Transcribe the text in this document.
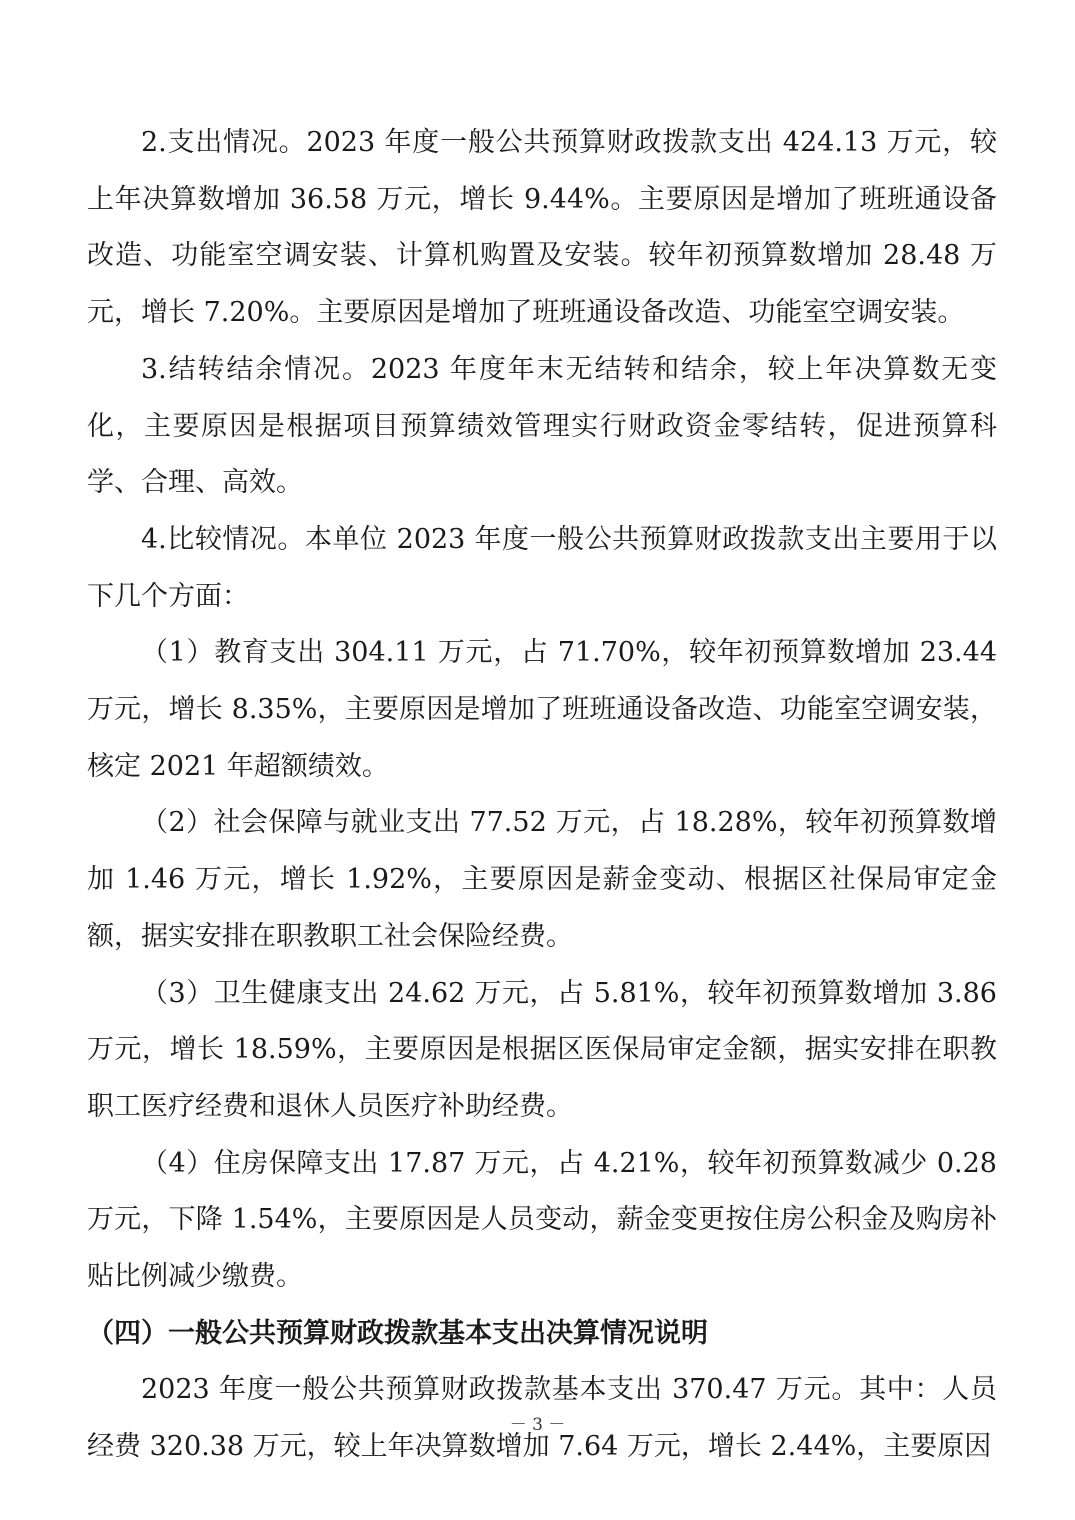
2.支出情况。2023 年度一般公共预算财政拨款支出 424.13 万元，较上年决算数增加 36.58 万元，增长 9.44%。主要原因是增加了班班通设备改造、功能室空调安装、计算机购置及安装。较年初预算数增加 28.48 万元，增长 7.20%。主要原因是增加了班班通设备改造、功能室空调安装。

3.结转结余情况。2023 年度年末无结转和结余，较上年决算数无变化，主要原因是根据项目预算绩效管理实行财政资金零结转，促进预算科学、合理、高效。

4.比较情况。本单位 2023 年度一般公共预算财政拨款支出主要用于以下几个方面：

（1）教育支出 304.11 万元，占 71.70%，较年初预算数增加 23.44 万元，增长 8.35%，主要原因是增加了班班通设备改造、功能室空调安装，核定 2021 年超额绩效。

（2）社会保障与就业支出 77.52 万元，占 18.28%，较年初预算数增加 1.46 万元，增长 1.92%，主要原因是薪金变动、根据区社保局审定金额，据实安排在职教职工社会保险经费。

（3）卫生健康支出 24.62 万元，占 5.81%，较年初预算数增加 3.86 万元，增长 18.59%，主要原因是根据区医保局审定金额，据实安排在职教职工医疗经费和退休人员医疗补助经费。

（4）住房保障支出 17.87 万元，占 4.21%，较年初预算数减少 0.28 万元，下降 1.54%，主要原因是人员变动，薪金变更按住房公积金及购房补贴比例减少缴费。

（四）一般公共预算财政拨款基本支出决算情况说明

2023 年度一般公共预算财政拨款基本支出 370.47 万元。其中：人员经费 320.38 万元，较上年决算数增加 7.64 万元，增长 2.44%，主要原因

－ 3 －
